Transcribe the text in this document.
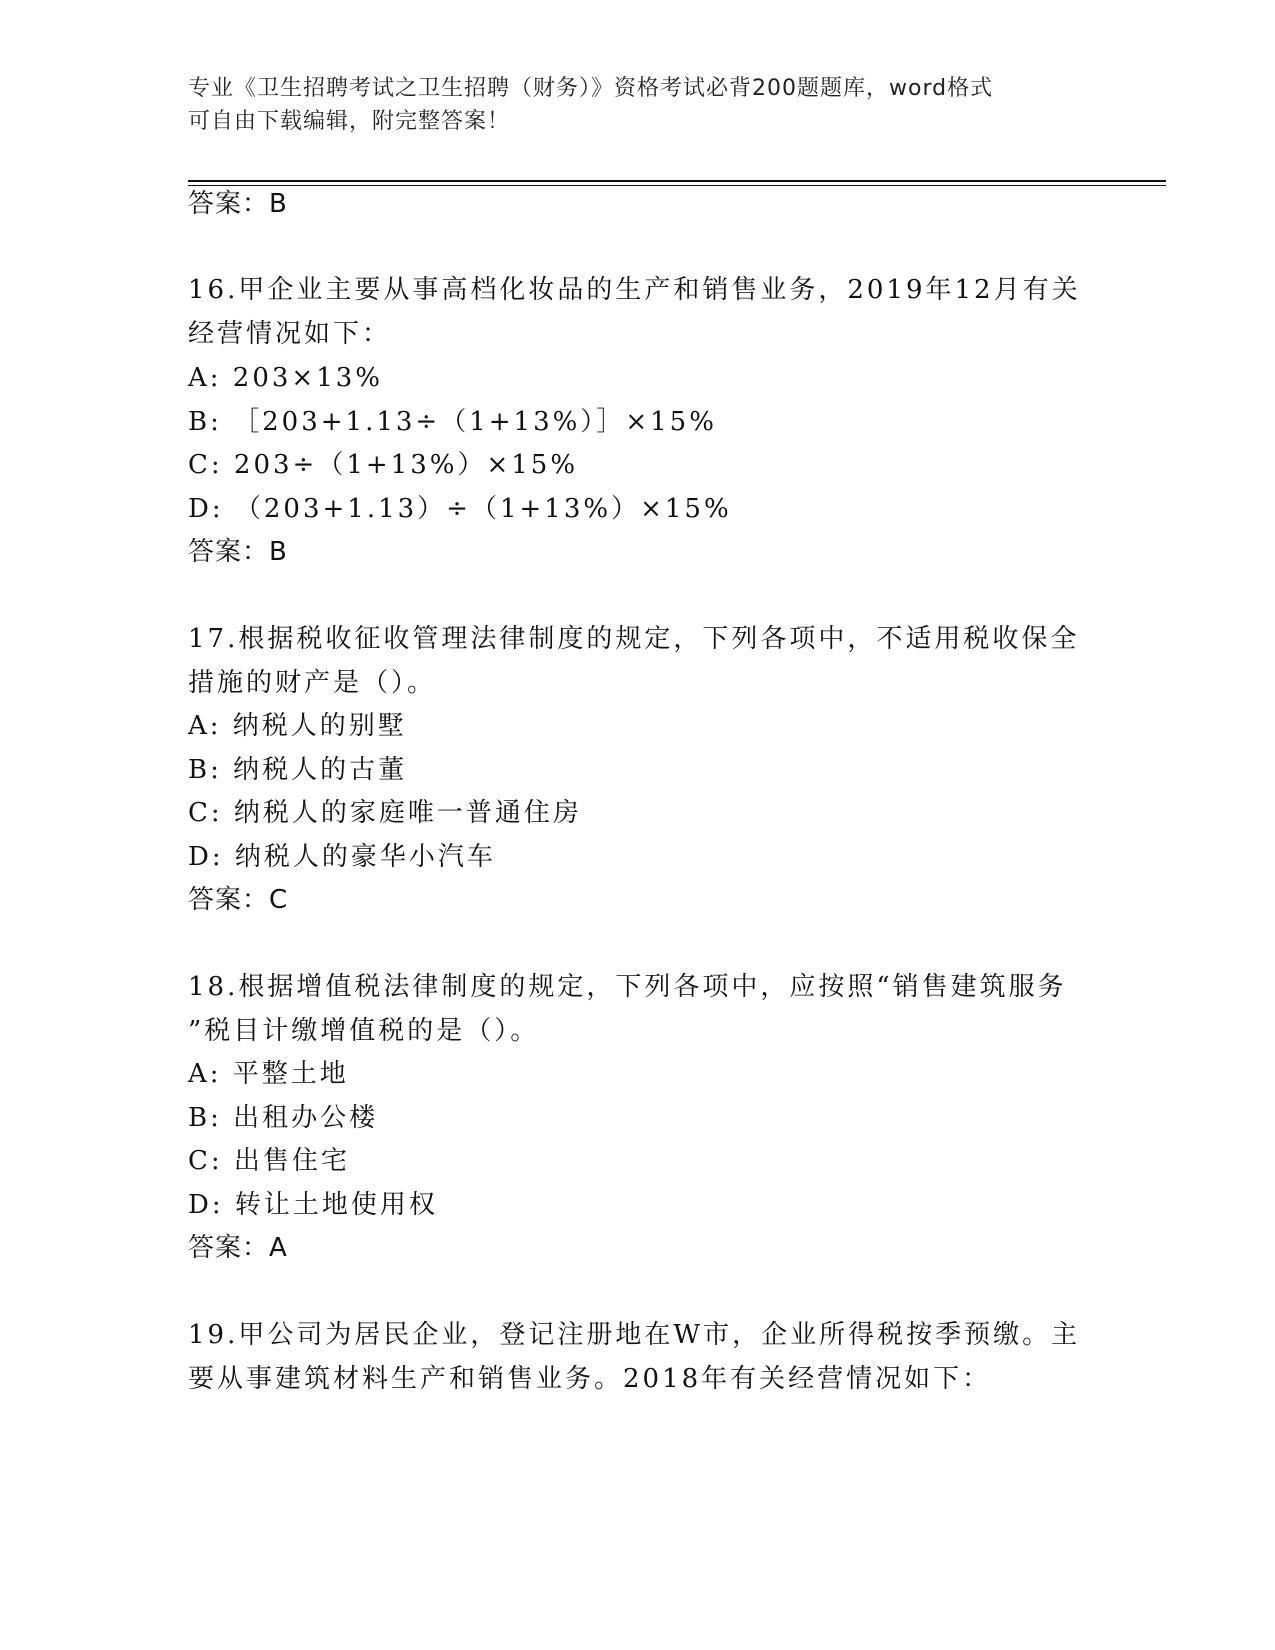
专业《卫生招聘考试之卫生招聘（财务）》资格考试必背200题题库，word格式
可自由下载编辑，附完整答案！
答案：B
16.甲企业主要从事高档化妆品的生产和销售业务，2019年12月有关
经营情况如下：
A: 203×13%
B: ［203+1.13÷（1+13%）］×15%
C: 203÷（1+13%）×15%
D: （203+1.13）÷（1+13%）×15%
答案：B
17.根据税收征收管理法律制度的规定，下列各项中，不适用税收保全
措施的财产是（）。
A: 纳税人的别墅
B: 纳税人的古董
C: 纳税人的家庭唯一普通住房
D: 纳税人的豪华小汽车
答案：C
18.根据增值税法律制度的规定，下列各项中，应按照“销售建筑服务
”税目计缴增值税的是（）。
A: 平整土地
B: 出租办公楼
C: 出售住宅
D: 转让土地使用权
答案：A
19.甲公司为居民企业，登记注册地在W市，企业所得税按季预缴。主
要从事建筑材料生产和销售业务。2018年有关经营情况如下：
